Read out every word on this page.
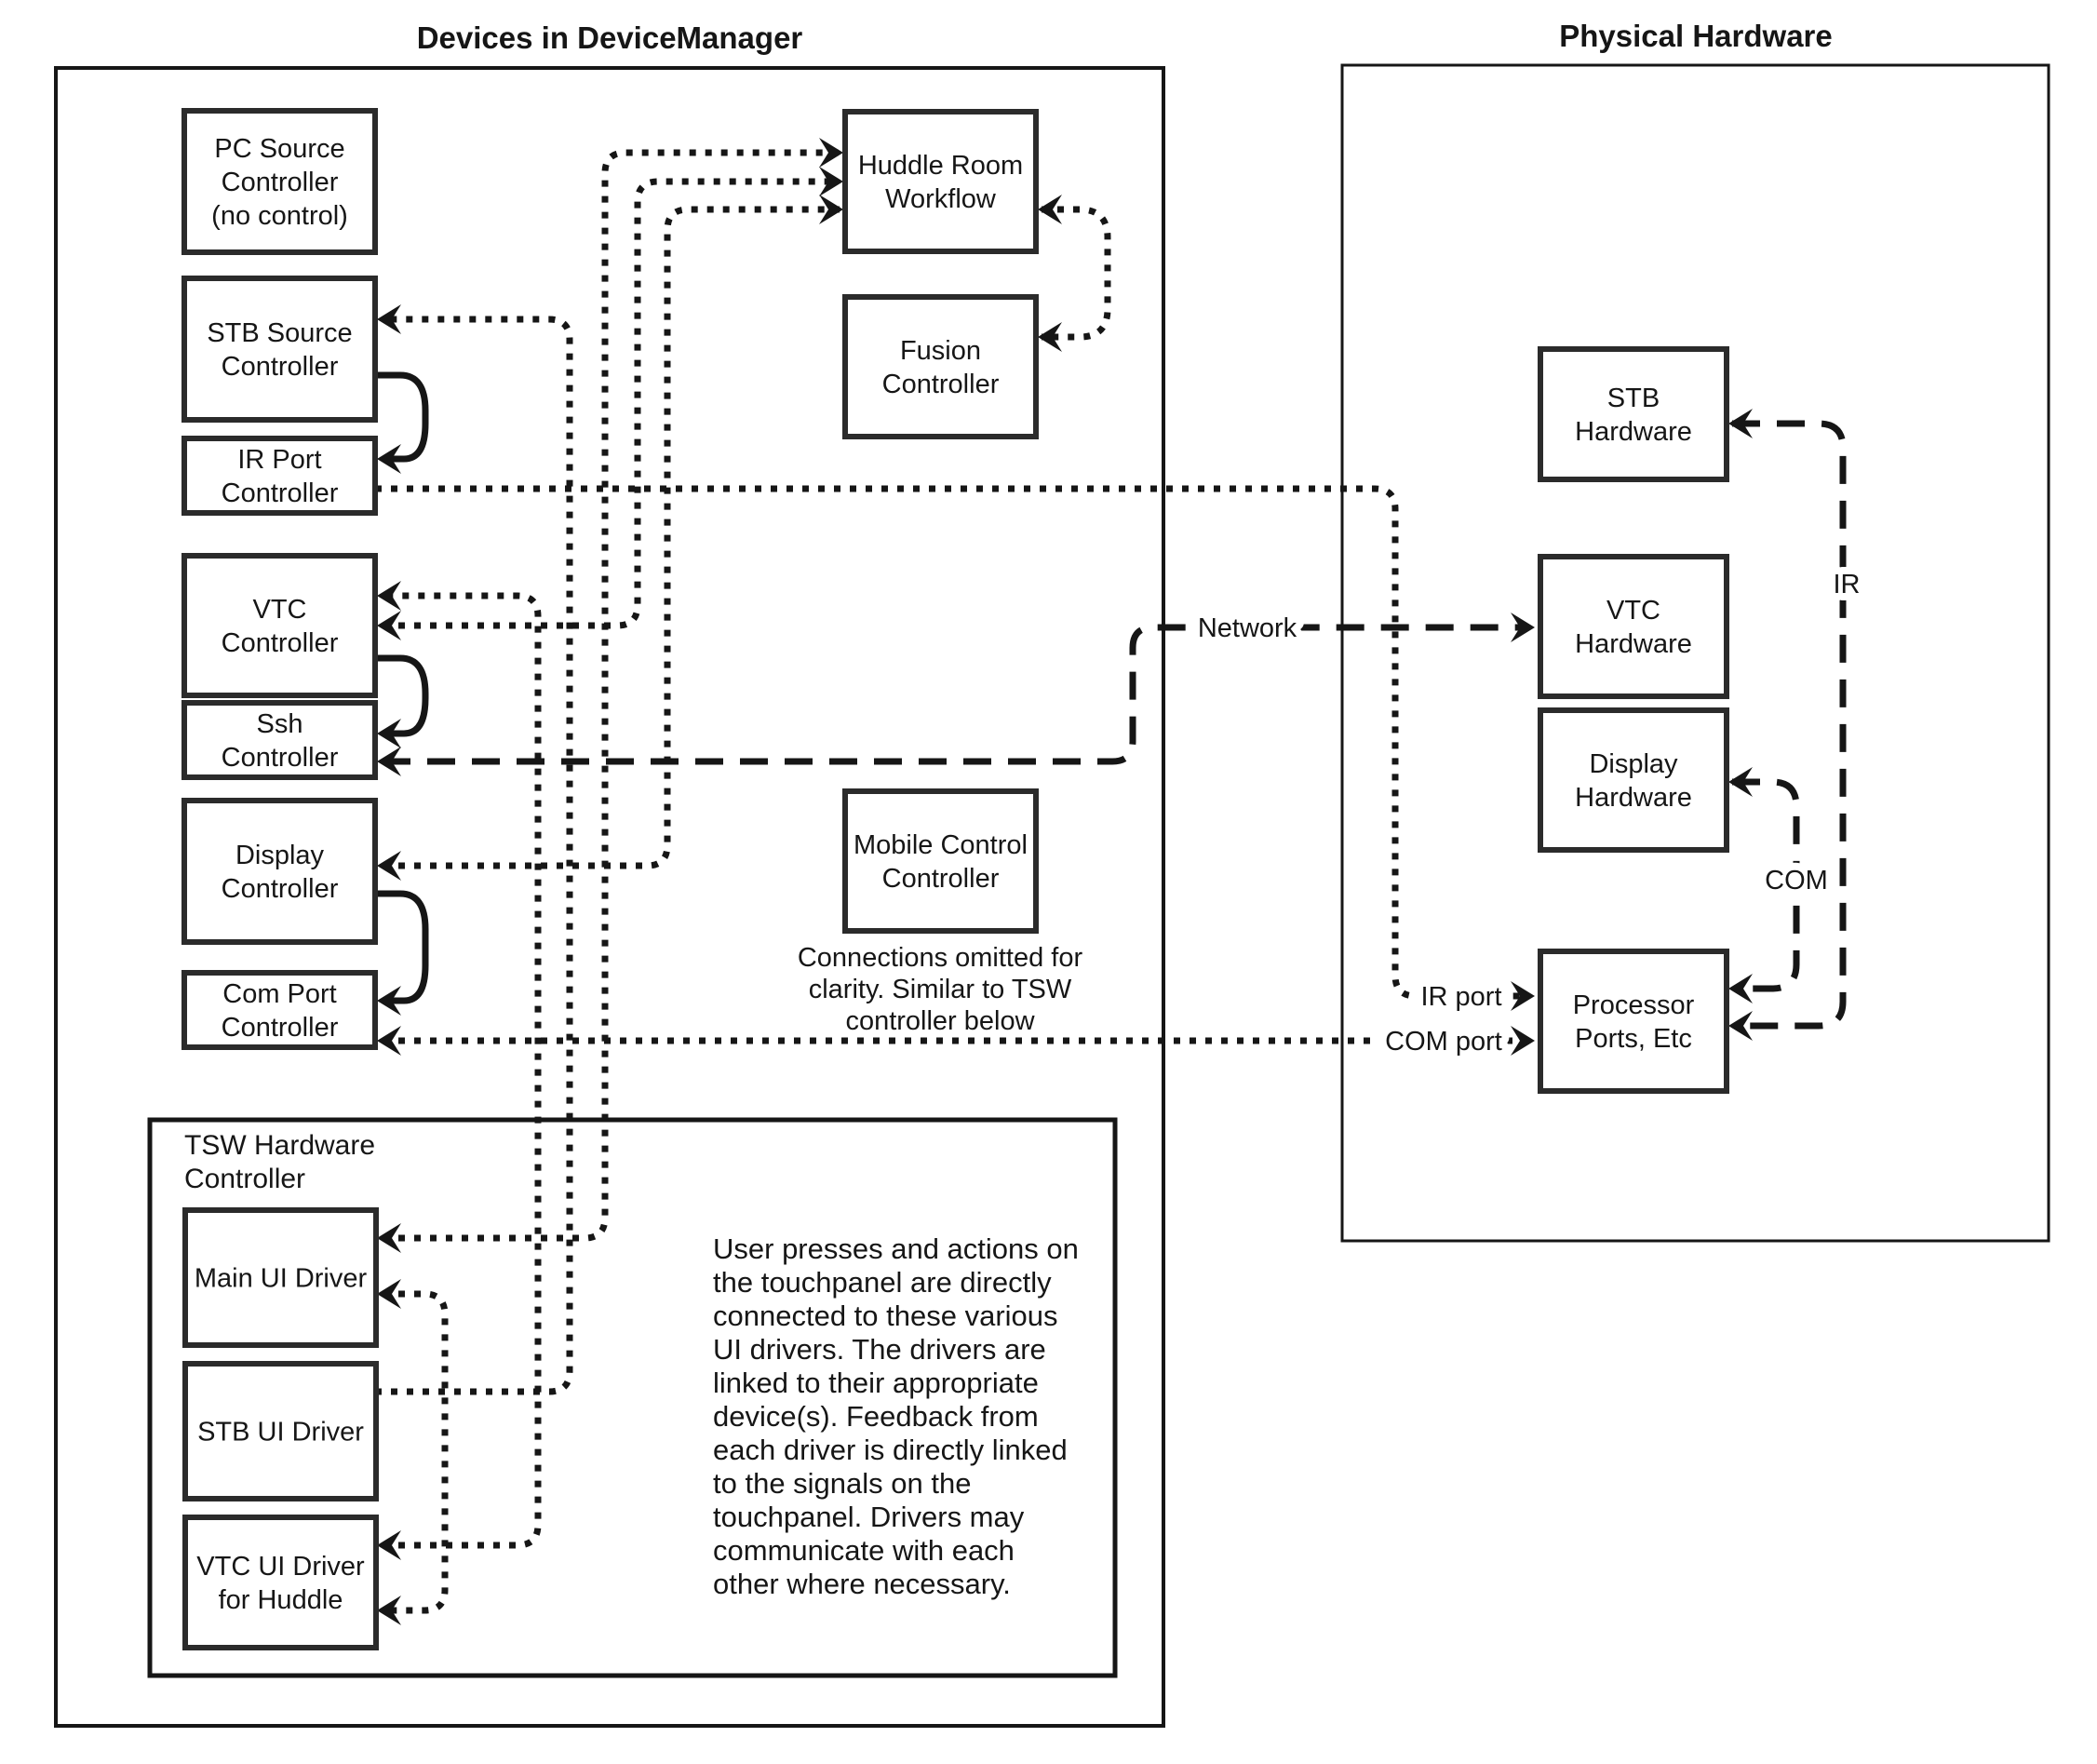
PC Source Controller (no control)
STB Source Controller
IR Port Controller
VTC Controller
Ssh Controller
Display Controller
Com Port Controller
Huddle Room Workflow
Fusion Controller
Mobile Control Controller
Main UI Driver
STB UI Driver
VTC UI Driver for Huddle
STB Hardware
VTC Hardware
Display Hardware
Processor Ports, Etc
Devices in DeviceManager	Physical Hardware
TSW Hardware Controller
Network
IR
COM
IR port
COM port
Connections omitted for clarity. Similar to TSW controller below
User presses and actions on the touchpanel are directly connected to these various UI drivers. The drivers are linked to their appropriate device(s). Feedback from each driver is directly linked to the signals on the touchpanel. Drivers may communicate with each other where necessary.
